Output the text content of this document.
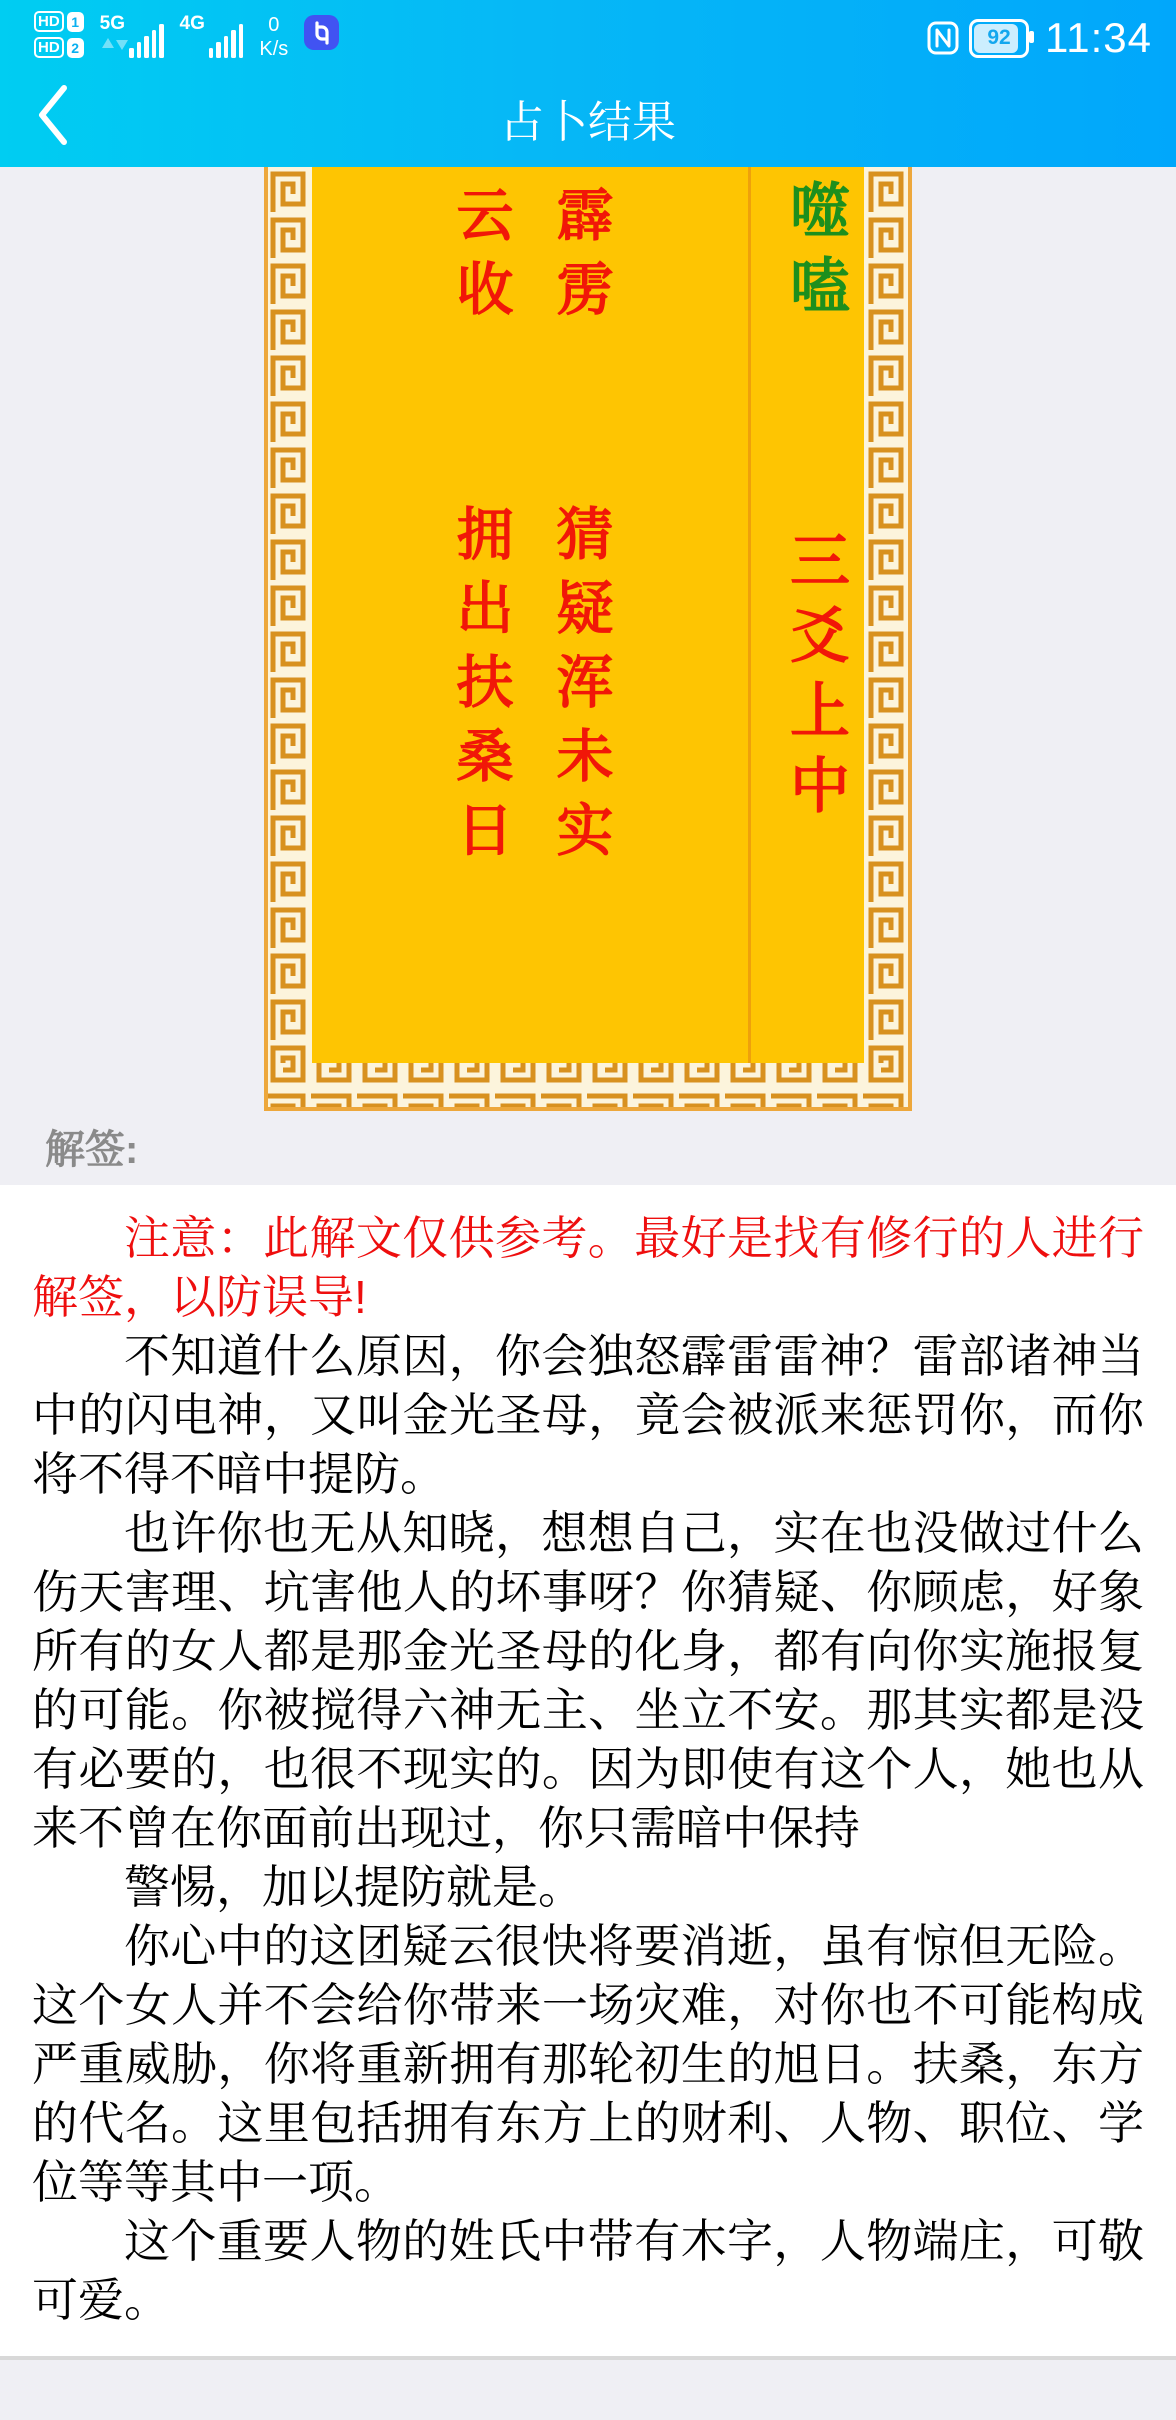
HD 1
HD 2
5G	4G	0
K/s	92 11:34
占卜结果
霹雳 猜疑浑未实
云收 拥出扶桑日
噬嗑 三爻上中
解签:

注意：此解文仅供参考。最好是找有修行的人进行解签，以防误导!

不知道什么原因，你会独怒霹雷雷神？雷部诸神当中的闪电神，又叫金光圣母，竟会被派来惩罚你，而你将不得不暗中提防。

也许你也无从知晓，想想自己，实在也没做过什么伤天害理、坑害他人的坏事呀？你猜疑、你顾虑，好象所有的女人都是那金光圣母的化身，都有向你实施报复的可能。你被搅得六神无主、坐立不安。那其实都是没有必要的，也很不现实的。因为即使有这个人，她也从来不曾在你面前出现过，你只需暗中保持

警惕，加以提防就是。

你心中的这团疑云很快将要消逝，虽有惊但无险。这个女人并不会给你带来一场灾难，对你也不可能构成严重威胁，你将重新拥有那轮初生的旭日。扶桑，东方的代名。这里包括拥有东方上的财利、人物、职位、学位等等其中一项。

这个重要人物的姓氏中带有木字，人物端庄，可敬可爱。
